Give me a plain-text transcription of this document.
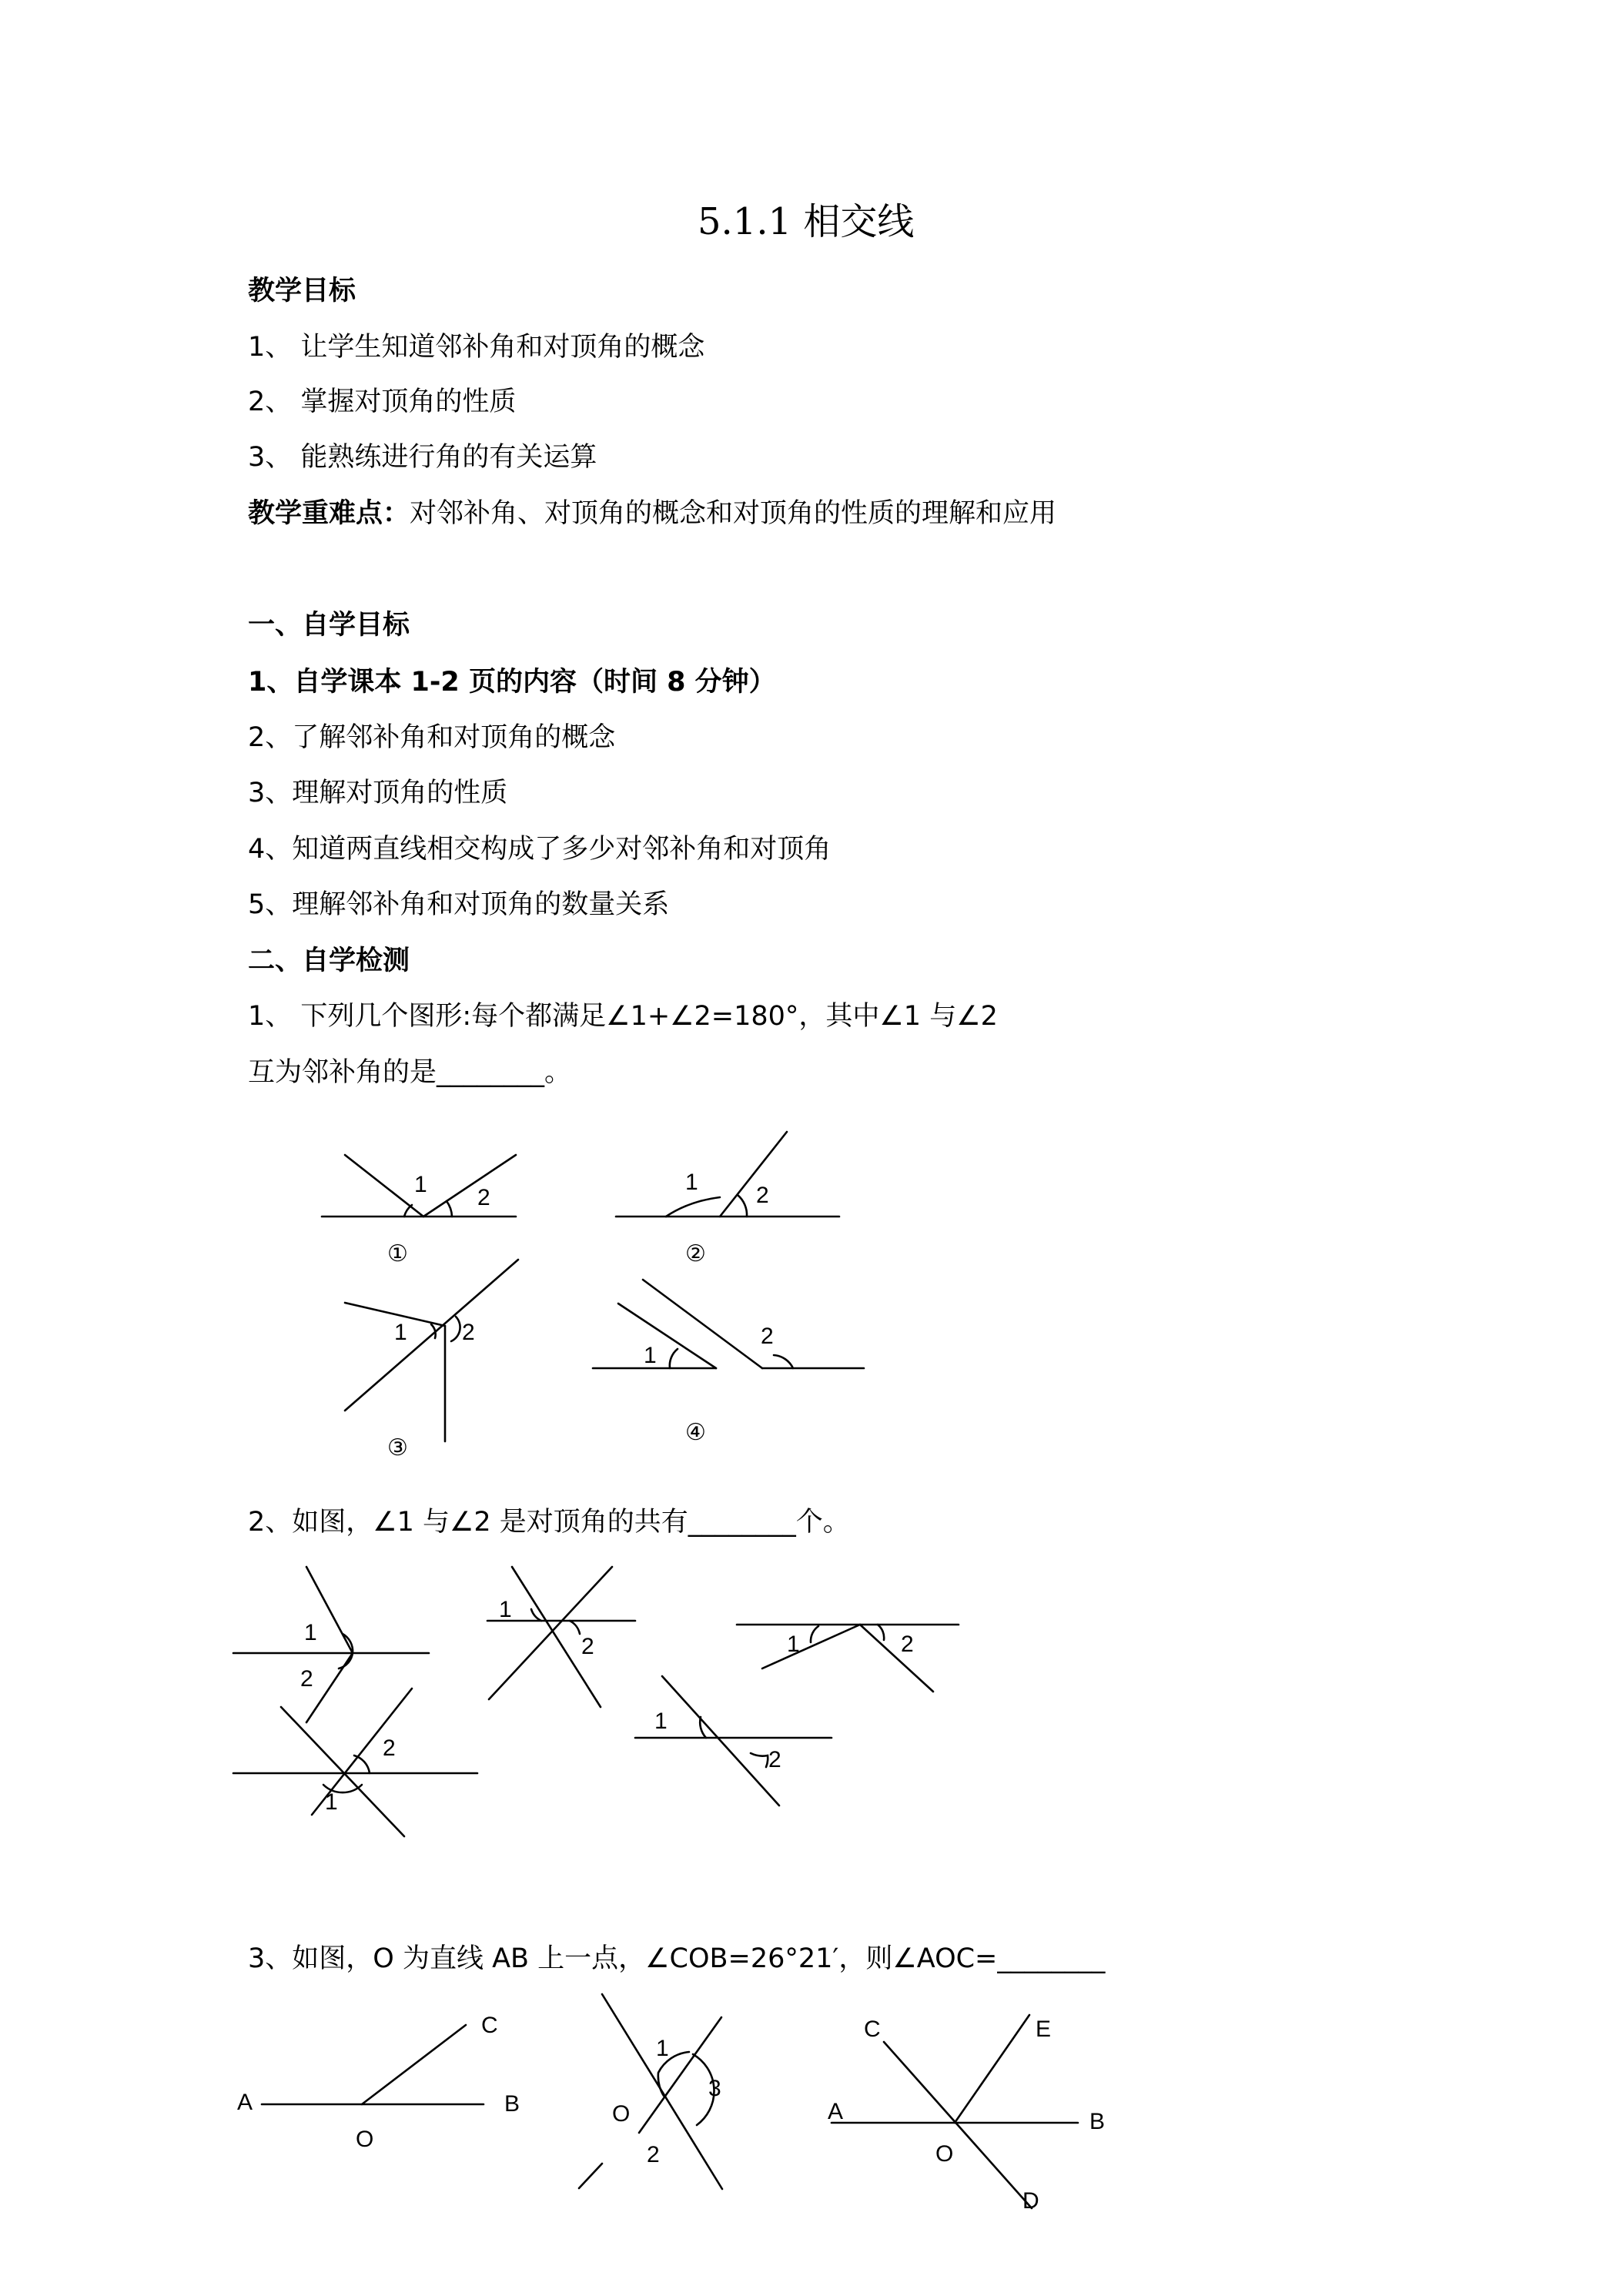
5.1.1 相交线
教学目标
1、 让学生知道邻补角和对顶角的概念
2、 掌握对顶角的性质
3、 能熟练进行角的有关运算
教学重难点：对邻补角、对顶角的概念和对顶角的性质的理解和应用
一、自学目标
1、自学课本 1-2 页的内容（时间 8 分钟）
2、了解邻补角和对顶角的概念
3、理解对顶角的性质
4、知道两直线相交构成了多少对邻补角和对顶角
5、理解邻补角和对顶角的数量关系
二、自学检测
1、 下列几个图形:每个都满足∠1+∠2=180°，其中∠1 与∠2
互为邻补角的是________。
1
2
1
2
1 2
1
2
①	②
③
④
2、如图，∠1 与∠2 是对顶角的共有________个。
1
2
1
2	1	2
2
1
1
2
3、如图，O 为直线 AB 上一点，∠COB=26°21′，则∠AOC=________
C
A	B
O
1
3
O
2
C	E
A	B
O
D
